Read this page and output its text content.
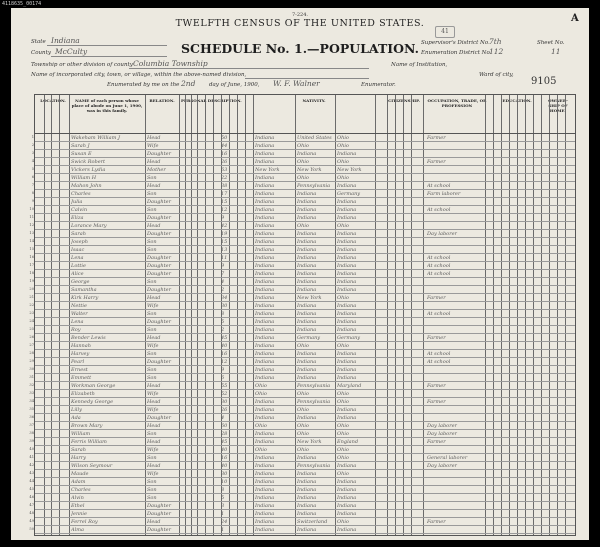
4118635_00174
7-224.
TWELFTH CENSUS OF THE UNITED STATES.
SCHEDULE No. 1.—POPULATION.
41
A
State Indiana
County McCulty
Township or other division of county Columbia Township
Name of incorporated city, town, or village, within the above-named division,
Enumerated by me on the 2nd day of June, 1900, W. F. Walner	Enumerator.
Supervisor's District No. 7th
Enumeration District No.
112
Sheet No.
11
Name of Institution,
Ward of city,
9105
LOCATION.	NAME of each person whose place of abode on June 1, 1900, was in this family.
RELATION.	PERSONAL DESCRIPTION.	NATIVITY.	CITIZENSHIP. OCCUPATION, TRADE, OR PROFESSION
EDUCATION.	OWNER-SHIP OF HOME.
1	Wakeham William J	Head	50	Indiana	United States	Ohio	Farmer
2	Sarah J	Wife	44	Indiana	Ohio	Ohio
3	Susan E	Daughter	16	Indiana	Indiana	Indiana
4	Swick Robert	Head	26	Indiana	Ohio	Ohio	Farmer
5	Vickers Lydia	Mother	63	New York	New York	New York
6	William H	Son	22	Indiana	Ohio	Ohio
7	Mahon John	Head	38	Indiana	Pennsylvania	Indiana	At school
8	Charles	Son	17	Indiana	Indiana	Germany	Farm laborer
9	Julia	Daughter	15	Indiana	Indiana	Indiana
10	Calvin	Son	12	Indiana	Indiana	Indiana	At school
11	Eliza	Daughter	9	Indiana	Indiana	Indiana
12	Lorance Mary	Head	42	Indiana	Ohio	Ohio
13	Sarah	Daughter	19	Indiana	Indiana	Indiana	Day laborer
14	Joseph	Son	15	Indiana	Indiana	Indiana
15	Isaac	Son	13	Indiana	Indiana	Indiana
16	Lena	Daughter	11	Indiana	Indiana	Indiana	At school
17	Lottie	Daughter	9	Indiana	Indiana	Indiana	At school
18	Alice	Daughter	7	Indiana	Indiana	Indiana	At school
19	George	Son	4	Indiana	Indiana	Indiana
20	Samantha	Daughter	2	Indiana	Indiana	Indiana
21	Kirk Harry	Head	34	Indiana	New York	Ohio	Farmer
22	Nettie	Wife	30	Indiana	Indiana	Indiana
23	Walter	Son	8	Indiana	Indiana	Indiana	At school
24	Lena	Daughter	5	Indiana	Indiana	Indiana
25	Roy	Son	2	Indiana	Indiana	Indiana
26	Bender Lewis	Head	45	Indiana	Germany	Germany	Farmer
27	Hannah	Wife	40	Indiana	Ohio	Ohio
28	Harvey	Son	16	Indiana	Indiana	Indiana	At school
29	Pearl	Daughter	12	Indiana	Indiana	Indiana	At school
30	Ernest	Son	9	Indiana	Indiana	Indiana
31	Emmett	Son	6	Indiana	Indiana	Indiana
32	Workman George	Head	55	Ohio	Pennsylvania	Maryland	Farmer
33	Elizabeth	Wife	52	Ohio	Ohio	Ohio
34	Kennedy George	Head	30	Indiana	Pennsylvania	Ohio	Farmer
35	Lilly	Wife	26	Indiana	Ohio	Indiana
36	Ada	Daughter	4	Indiana	Indiana	Indiana
37	Brown Mary	Head	60	Ohio	Ohio	Ohio	Day laborer
38	William	Son	28	Indiana	Ohio	Ohio	Day laborer
39	Ferris William	Head	45	Indiana	New York	England	Farmer
40	Sarah	Wife	40	Ohio	Ohio	Ohio
41	Harry	Son	16	Indiana	Indiana	Ohio	General laborer
42	Wilson Seymour	Head	40	Indiana	Pennsylvania	Indiana	Day laborer
43	Maude	Wife	30	Indiana	Indiana	Ohio
44	Adam	Son	10	Indiana	Indiana	Indiana
45	Charles	Son	8	Indiana	Indiana	Indiana
46	Alvin	Son	5	Indiana	Indiana	Indiana
47	Ethel	Daughter	3	Indiana	Indiana	Indiana
48	Jennie	Daughter	1	Indiana	Indiana	Indiana
49	Ferrel Roy	Head	24	Indiana	Switzerland	Ohio	Farmer
50	Alma	Daughter	1	Indiana	Indiana	Indiana
